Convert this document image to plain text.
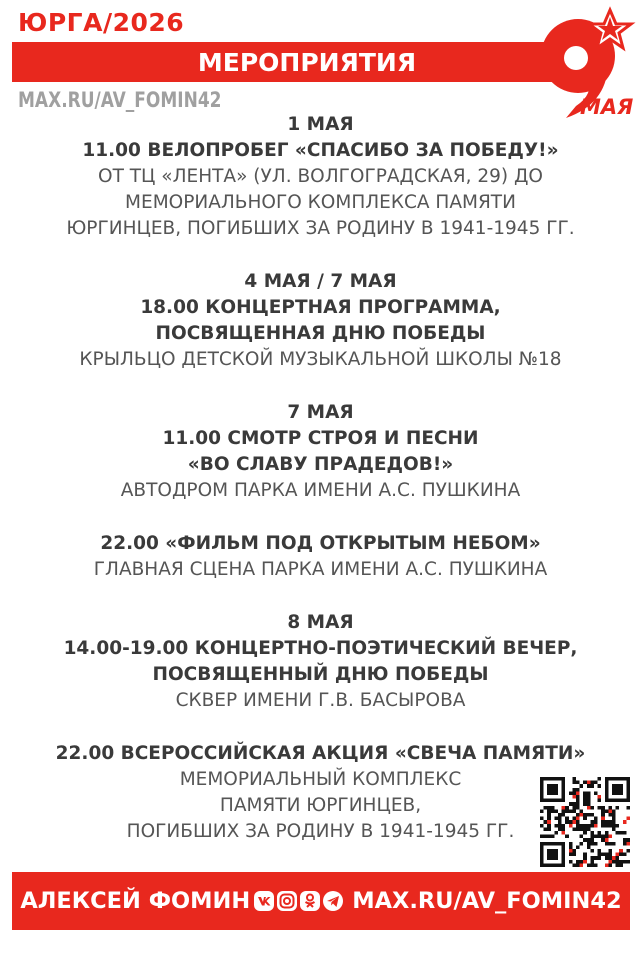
ЮРГА/2026
МЕРОПРИЯТИЯ
MAX.RU/AV_FOMIN42	МАЯ
1 МАЯ
11.00 ВЕЛОПРОБЕГ «СПАСИБО ЗА ПОБЕДУ!»
ОТ ТЦ «ЛЕНТА» (УЛ. ВОЛГОГРАДСКАЯ, 29) ДО
МЕМОРИАЛЬНОГО КОМПЛЕКСА ПАМЯТИ
ЮРГИНЦЕВ, ПОГИБШИХ ЗА РОДИНУ В 1941-1945 ГГ.
4 МАЯ / 7 МАЯ
18.00 КОНЦЕРТНАЯ ПРОГРАММА,
ПОСВЯЩЕННАЯ ДНЮ ПОБЕДЫ
КРЫЛЬЦО ДЕТСКОЙ МУЗЫКАЛЬНОЙ ШКОЛЫ №18
7 МАЯ
11.00 СМОТР СТРОЯ И ПЕСНИ
«ВО СЛАВУ ПРАДЕДОВ!»
АВТОДРОМ ПАРКА ИМЕНИ А.С. ПУШКИНА
22.00 «ФИЛЬМ ПОД ОТКРЫТЫМ НЕБОМ»
ГЛАВНАЯ СЦЕНА ПАРКА ИМЕНИ А.С. ПУШКИНА
8 МАЯ
14.00-19.00 КОНЦЕРТНО-ПОЭТИЧЕСКИЙ ВЕЧЕР,
ПОСВЯЩЕННЫЙ ДНЮ ПОБЕДЫ
СКВЕР ИМЕНИ Г.В. БАСЫРОВА
22.00 ВСЕРОССИЙСКАЯ АКЦИЯ «СВЕЧА ПАМЯТИ»
МЕМОРИАЛЬНЫЙ КОМПЛЕКС
ПАМЯТИ ЮРГИНЦЕВ,
ПОГИБШИХ ЗА РОДИНУ В 1941-1945 ГГ.
АЛЕКСЕЙ ФОМИН	MAX.RU/AV_FOMIN42
